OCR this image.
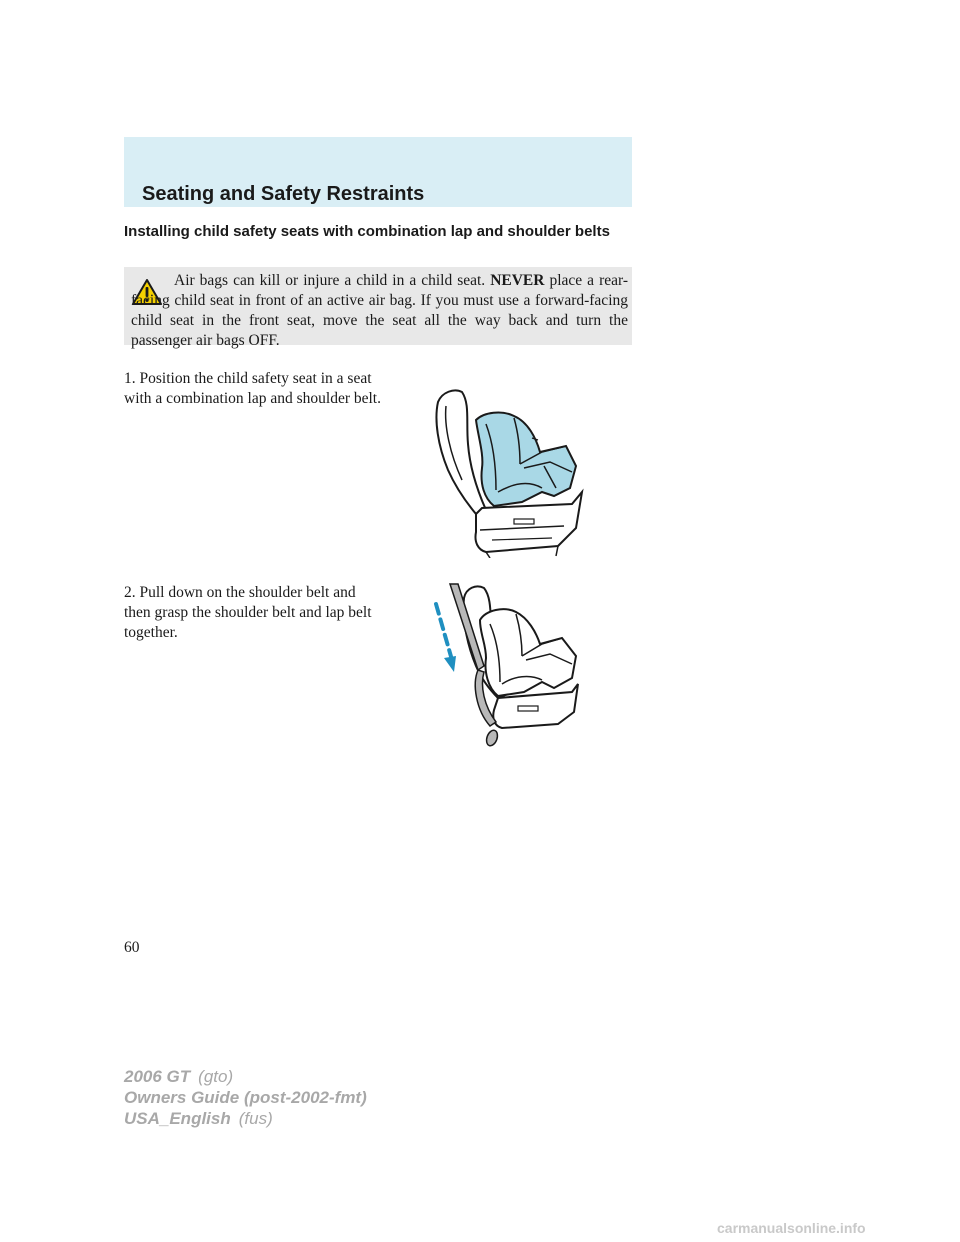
Seating and Safety Restraints
Installing child safety seats with combination lap and shoulder belts

Air bags can kill or injure a child in a child seat. NEVER place a rear-facing child seat in front of an active air bag. If you must use a forward-facing child seat in the front seat, move the seat all the way back and turn the passenger air bags OFF.

1. Position the child safety seat in a seat with a combination lap and shoulder belt.

2. Pull down on the shoulder belt and then grasp the shoulder belt and lap belt together.

60

2006 GT (gto)
Owners Guide (post-2002-fmt)
USA_English (fus)

carmanualsonline.info
